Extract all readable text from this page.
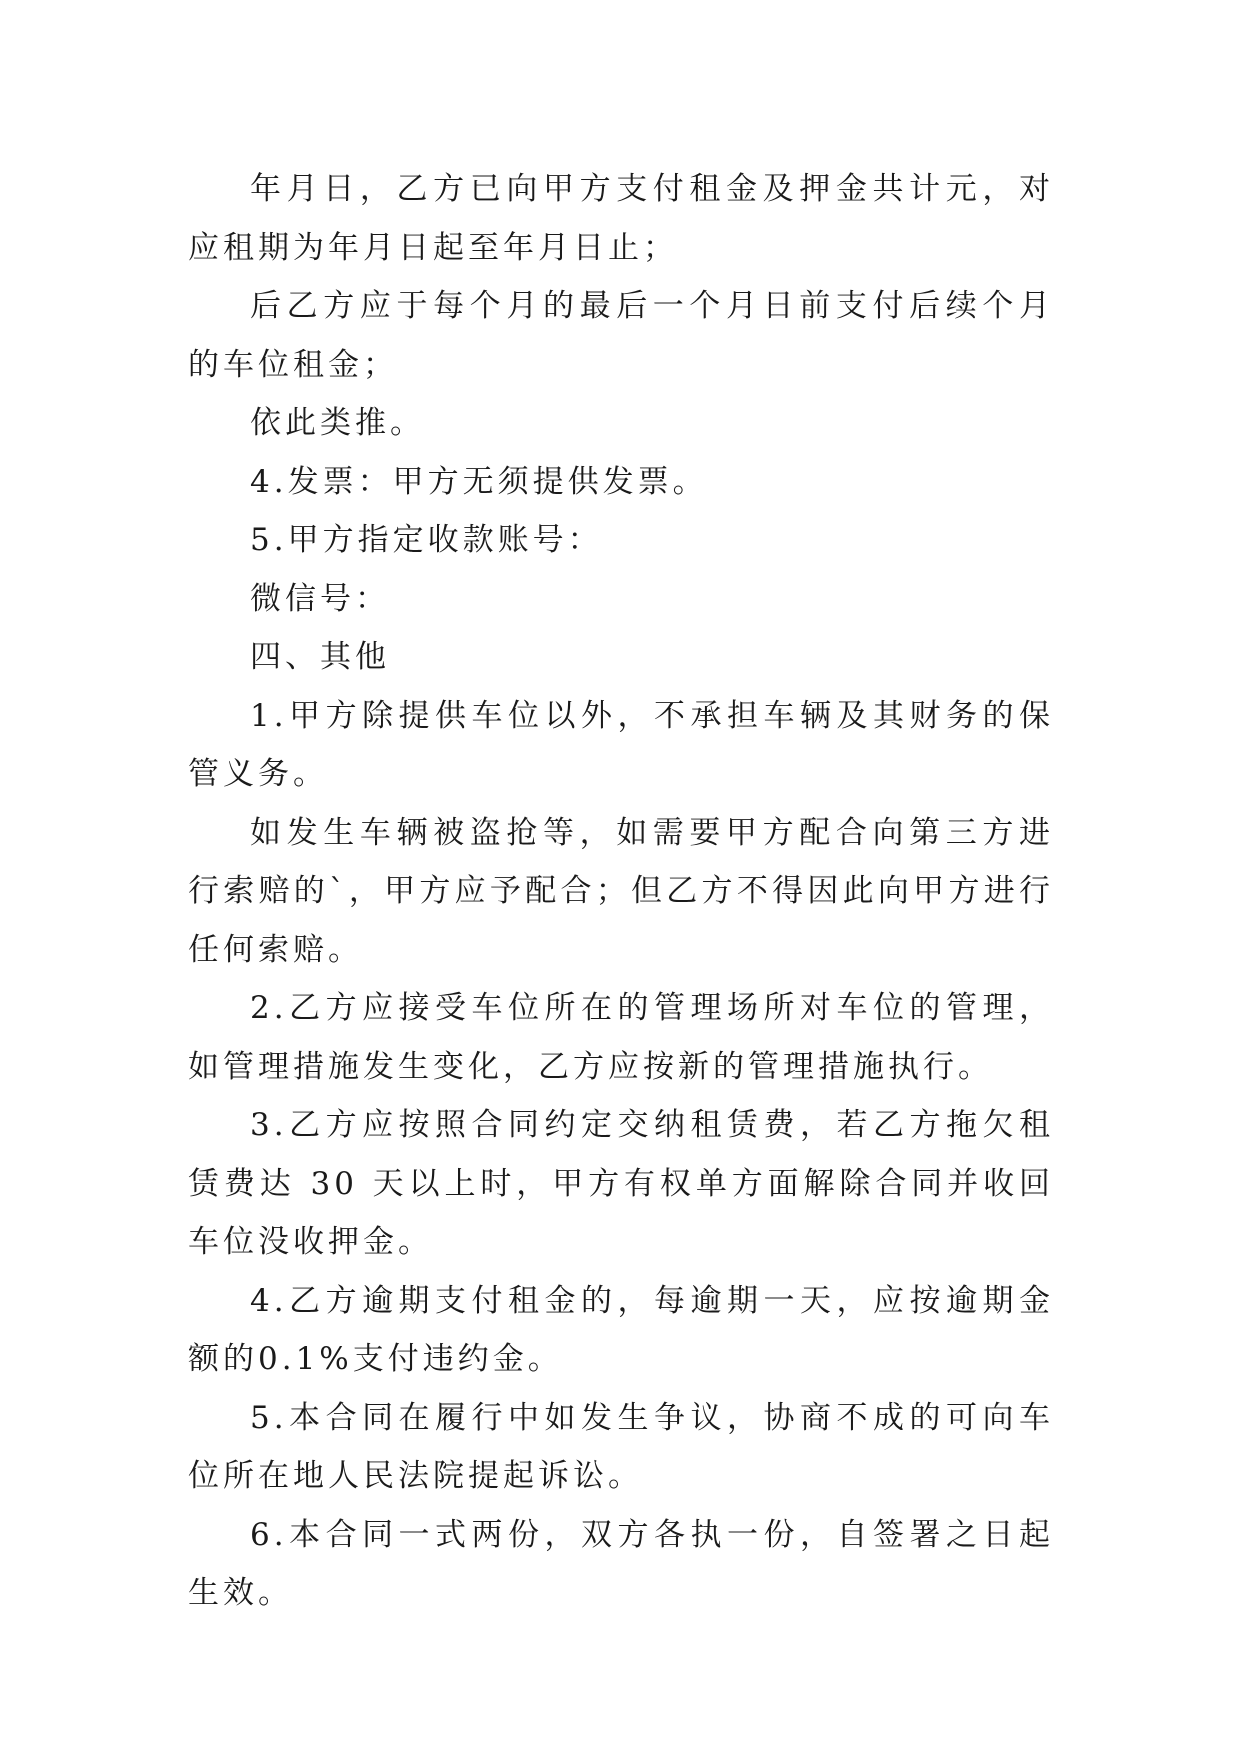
年月日，乙方已向甲方支付租金及押金共计元，对应租期为年月日起至年月日止；

后乙方应于每个月的最后一个月日前支付后续个月的车位租金；

依此类推。

4.发票：甲方无须提供发票。

5.甲方指定收款账号：

微信号：

四、其他

1.甲方除提供车位以外，不承担车辆及其财务的保管义务。

如发生车辆被盗抢等，如需要甲方配合向第三方进行索赔的`，甲方应予配合；但乙方不得因此向甲方进行任何索赔。

2.乙方应接受车位所在的管理场所对车位的管理，如管理措施发生变化，乙方应按新的管理措施执行。

3.乙方应按照合同约定交纳租赁费，若乙方拖欠租赁费达 30 天以上时，甲方有权单方面解除合同并收回车位没收押金。

4.乙方逾期支付租金的，每逾期一天，应按逾期金额的0.1%支付违约金。

5.本合同在履行中如发生争议，协商不成的可向车位所在地人民法院提起诉讼。

6.本合同一式两份，双方各执一份，自签署之日起生效。
